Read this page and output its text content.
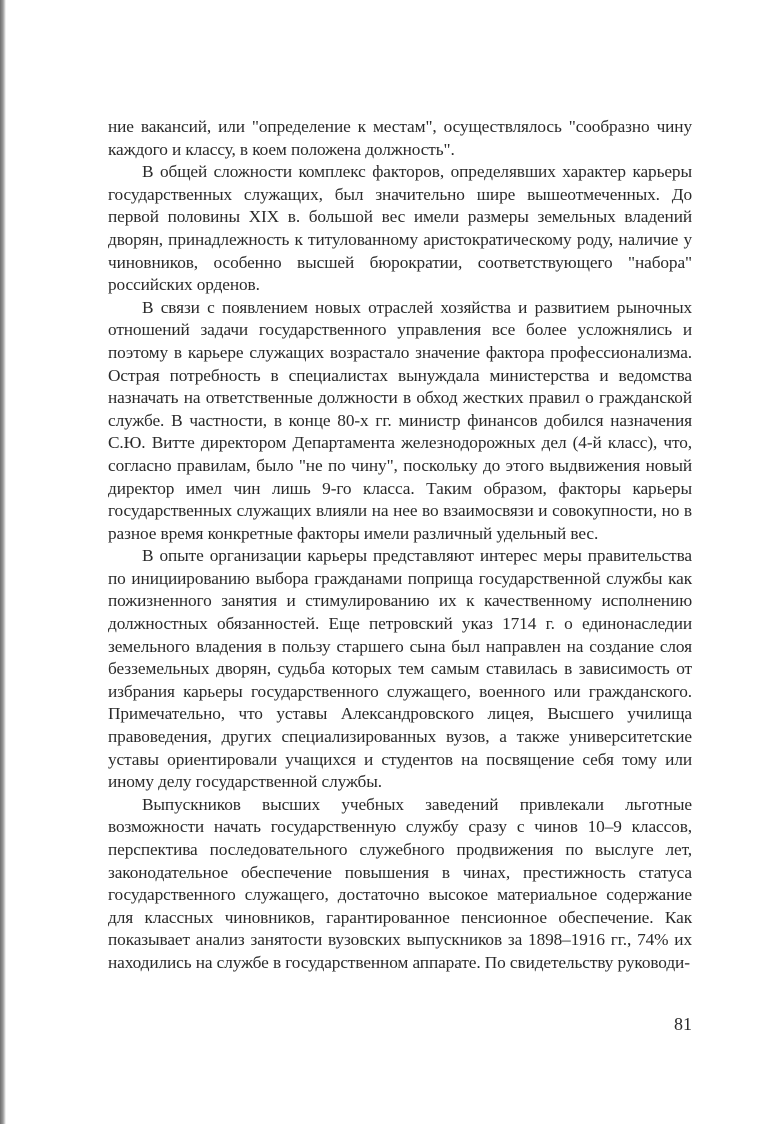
ние вакансий, или "определение к местам", осуществлялось "сообразно чину каждого и классу, в коем положена должность".

В общей сложности комплекс факторов, определявших характер карьеры государственных служащих, был значительно шире вышеотмеченных. До первой половины XIX в. большой вес имели размеры земельных владений дворян, принадлежность к титулованному аристократическому роду, наличие у чиновников, особенно высшей бюрократии, соответствующего "набора" российских орденов.

В связи с появлением новых отраслей хозяйства и развитием рыночных отношений задачи государственного управления все более усложнялись и поэтому в карьере служащих возрастало значение фактора профессионализма. Острая потребность в специалистах вынуждала министерства и ведомства назначать на ответственные должности в обход жестких правил о гражданской службе. В частности, в конце 80-х гг. министр финансов добился назначения С.Ю. Витте директором Департамента железнодорожных дел (4-й класс), что, согласно правилам, было "не по чину", поскольку до этого выдвижения новый директор имел чин лишь 9-го класса. Таким образом, факторы карьеры государственных служащих влияли на нее во взаимосвязи и совокупности, но в разное время конкретные факторы имели различный удельный вес.

В опыте организации карьеры представляют интерес меры правительства по инициированию выбора гражданами поприща государственной службы как пожизненного занятия и стимулированию их к качественному исполнению должностных обязанностей. Еще петровский указ 1714 г. о единонаследии земельного владения в пользу старшего сына был направлен на создание слоя безземельных дворян, судьба которых тем самым ставилась в зависимость от избрания карьеры государственного служащего, военного или гражданского. Примечательно, что уставы Александровского лицея, Высшего училища правоведения, других специализированных вузов, а также университетские уставы ориентировали учащихся и студентов на посвящение себя тому или иному делу государственной службы.

Выпускников высших учебных заведений привлекали льготные возможности начать государственную службу сразу с чинов 10–9 классов, перспектива последовательного служебного продвижения по выслуге лет, законодательное обеспечение повышения в чинах, престижность статуса государственного служащего, достаточно высокое материальное содержание для классных чиновников, гарантированное пенсионное обеспечение. Как показывает анализ занятости вузовских выпускников за 1898–1916 гг., 74% их находились на службе в государственном аппарате. По свидетельству руководи-

81
